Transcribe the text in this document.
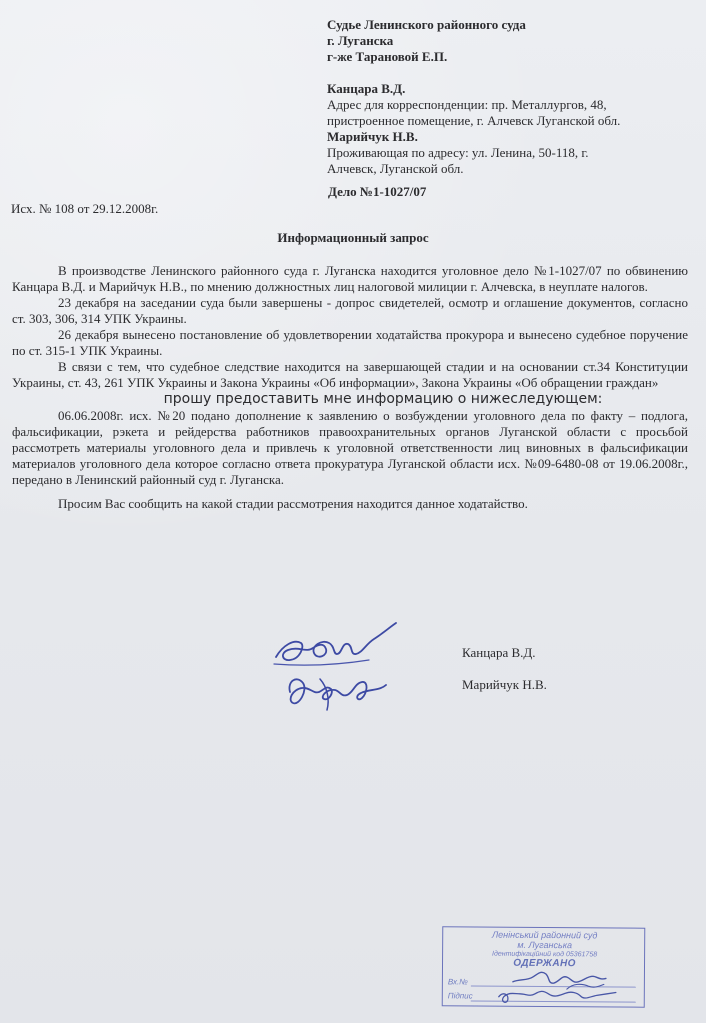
Судье Ленинского районного суда
г. Луганска
г-же Тарановой Е.П.
Канцара В.Д.
Адрес для корреспонденции: пр. Металлургов, 48,
пристроенное помещение, г. Алчевск Луганской обл.
Марийчук Н.В.
Проживающая по адресу: ул. Ленина, 50-118, г.
Алчевск, Луганской обл.
Дело №1-1027/07
Исх. № 108 от 29.12.2008г.
Информационный запрос

В производстве Ленинского районного суда г. Луганска находится уголовное дело №1-1027/07 по обвинению Канцара В.Д. и Марийчук Н.В., по мнению должностных лиц налоговой милиции г. Алчевска, в неуплате налогов.

23 декабря на заседании суда были завершены - допрос свидетелей, осмотр и оглашение документов, согласно ст. 303, 306, 314 УПК Украины.

26 декабря вынесено постановление об удовлетворении ходатайства прокурора и вынесено судебное поручение по ст. 315-1 УПК Украины.

В связи с тем, что судебное следствие находится на завершающей стадии и на основании ст.34 Конституции Украины, ст. 43, 261 УПК Украины и Закона Украины «Об информации», Закона Украины «Об обращении граждан»

прошу предоставить мне информацию о нижеследующем:

06.06.2008г. исх. №20 подано дополнение к заявлению о возбуждении уголовного дела по факту – подлога, фальсификации, рэкета и рейдерства работников правоохранительных органов Луганской области с просьбой рассмотреть материалы уголовного дела и привлечь к уголовной ответственности лиц виновных в фальсификации материалов уголовного дела которое согласно ответа прокуратура Луганской области исх. №09-6480-08 от 19.06.2008г., передано в Ленинский районный суд г. Луганска.

Просим Вас сообщить на какой стадии рассмотрения находится данное ходатайство.

Канцара В.Д.
Марийчук Н.В.
Ленінський районний суд
м. Луганська
Ідентифікаційний код 05361758
ОДЕРЖАНО
Вх.№
Підпис
